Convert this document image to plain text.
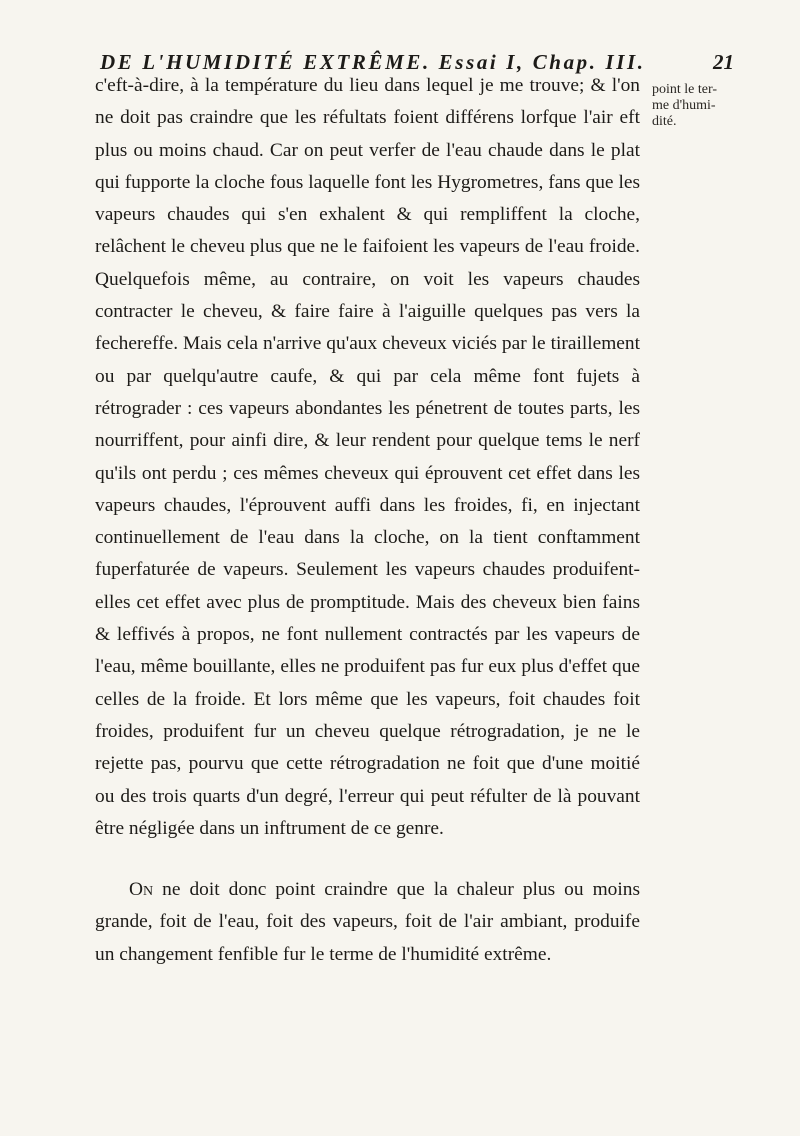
DE L'HUMIDITÉ EXTRÊME. Essai I, Chap. III.	21
point le ter-
me d'humi-
dité.

c'eft-à-dire, à la température du lieu dans lequel je me trouve; & l'on ne doit pas craindre que les réfultats foient différens lorfque l'air eft plus ou moins chaud. Car on peut verfer de l'eau chaude dans le plat qui fupporte la cloche fous laquelle font les Hygrometres, fans que les vapeurs chaudes qui s'en exhalent & qui rempliffent la cloche, relâchent le cheveu plus que ne le faifoient les vapeurs de l'eau froide. Quelquefois même, au contraire, on voit les vapeurs chaudes contracter le cheveu, & faire faire à l'aiguille quelques pas vers la fechereffe. Mais cela n'arrive qu'aux cheveux viciés par le tiraillement ou par quelqu'autre caufe, & qui par cela même font fujets à rétrograder : ces vapeurs abondantes les pénetrent de toutes parts, les nourriffent, pour ainfi dire, & leur rendent pour quelque tems le nerf qu'ils ont perdu ; ces mêmes cheveux qui éprouvent cet effet dans les vapeurs chaudes, l'éprouvent auffi dans les froides, fi, en injectant continuellement de l'eau dans la cloche, on la tient conftamment fuperfaturée de vapeurs. Seulement les vapeurs chaudes produifent-elles cet effet avec plus de promptitude. Mais des cheveux bien fains & leffivés à propos, ne font nullement contractés par les vapeurs de l'eau, même bouillante, elles ne produifent pas fur eux plus d'effet que celles de la froide. Et lors même que les vapeurs, foit chaudes foit froides, produifent fur un cheveu quelque rétrogradation, je ne le rejette pas, pourvu que cette rétrogradation ne foit que d'une moitié ou des trois quarts d'un degré, l'erreur qui peut réfulter de là pouvant être négligée dans un inftrument de ce genre.

On ne doit donc point craindre que la chaleur plus ou moins grande, foit de l'eau, foit des vapeurs, foit de l'air ambiant, produife un changement fenfible fur le terme de l'humidité extrême.
